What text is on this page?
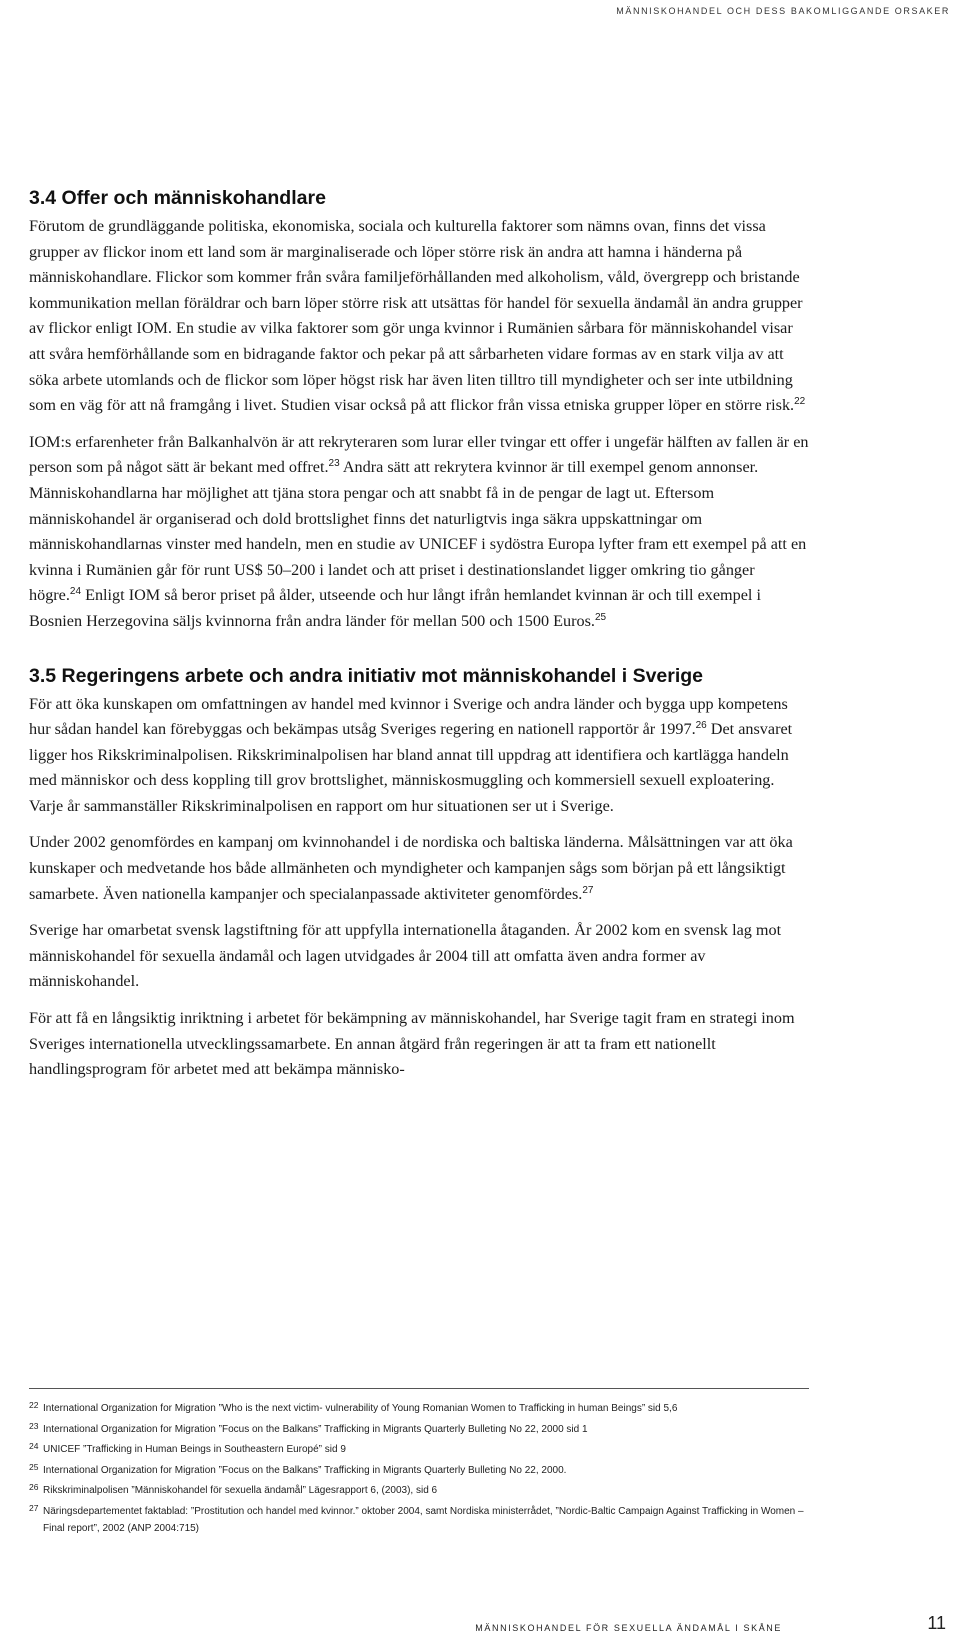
MÄNNISKOHANDEL OCH DESS BAKOMLIGGANDE ORSAKER
3.4 Offer och människohandlare

Förutom de grundläggande politiska, ekonomiska, sociala och kulturella faktorer som nämns ovan, finns det vissa grupper av flickor inom ett land som är marginaliserade och löper större risk än andra att hamna i händerna på människohandlare. Flickor som kommer från svåra familjeförhållanden med alkoholism, våld, övergrepp och bristande kommunikation mellan föräldrar och barn löper större risk att utsättas för handel för sexuella ändamål än andra grupper av flickor enligt IOM. En studie av vilka faktorer som gör unga kvinnor i Rumänien sårbara för människohandel visar att svåra hemförhållande som en bidragande faktor och pekar på att sårbarheten vidare formas av en stark vilja av att söka arbete utomlands och de flickor som löper högst risk har även liten tilltro till myndigheter och ser inte utbildning som en väg för att nå framgång i livet. Studien visar också på att flickor från vissa etniska grupper löper en större risk.$^{22}$

IOM:s erfarenheter från Balkanhalvön är att rekryteraren som lurar eller tvingar ett offer i ungefär hälften av fallen är en person som på något sätt är bekant med offret.$^{23}$ Andra sätt att rekrytera kvinnor är till exempel genom annonser. Människohandlarna har möjlighet att tjäna stora pengar och att snabbt få in de pengar de lagt ut. Eftersom människohandel är organiserad och dold brottslighet finns det naturligtvis inga säkra uppskattningar om människohandlarnas vinster med handeln, men en studie av UNICEF i sydöstra Europa lyfter fram ett exempel på att en kvinna i Rumänien går för runt US$ 50–200 i landet och att priset i destinationslandet ligger omkring tio gånger högre.$^{24}$ Enligt IOM så beror priset på ålder, utseende och hur långt ifrån hemlandet kvinnan är och till exempel i Bosnien Herzegovina säljs kvinnorna från andra länder för mellan 500 och 1500 Euros.$^{25}$

3.5 Regeringens arbete och andra initiativ mot människohandel i Sverige

För att öka kunskapen om omfattningen av handel med kvinnor i Sverige och andra länder och bygga upp kompetens hur sådan handel kan förebyggas och bekämpas utsåg Sveriges regering en nationell rapportör år 1997.26 Det ansvaret ligger hos Rikskriminalpolisen. Rikskriminalpolisen har bland annat till uppdrag att identifiera och kartlägga handeln med människor och dess koppling till grov brottslighet, människosmuggling och kommersiell sexuell exploatering. Varje år sammanställer Rikskriminalpolisen en rapport om hur situationen ser ut i Sverige.

Under 2002 genomfördes en kampanj om kvinnohandel i de nordiska och baltiska länderna. Målsättningen var att öka kunskaper och medvetande hos både allmänheten och myndigheter och kampanjen sågs som början på ett långsiktigt samarbete. Även nationella kampanjer och specialanpassade aktiviteter genomfördes.$^{27}$

Sverige har omarbetat svensk lagstiftning för att uppfylla internationella åtaganden. År 2002 kom en svensk lag mot människohandel för sexuella ändamål och lagen utvidgades år 2004 till att omfatta även andra former av människohandel.

För att få en långsiktig inriktning i arbetet för bekämpning av människohandel, har Sverige tagit fram en strategi inom Sveriges internationella utvecklingssamarbete. En annan åtgärd från regeringen är att ta fram ett nationellt handlingsprogram för arbetet med att bekämpa människo-

22 International Organization for Migration ”Who is the next victim- vulnerability of Young Romanian Women to Trafficking in human Beings” sid 5,6
23 International Organization for Migration ”Focus on the Balkans” Trafficking in Migrants Quarterly Bulleting No 22, 2000 sid 1
24 UNICEF ”Trafficking in Human Beings in Southeastern Europé” sid 9
25 International Organization for Migration ”Focus on the Balkans” Trafficking in Migrants Quarterly Bulleting No 22, 2000.
26 Rikskriminalpolisen ”Människohandel för sexuella ändamål” Lägesrapport 6, (2003), sid 6
27 Näringsdepartementet faktablad: ”Prostitution och handel med kvinnor.” oktober 2004, samt Nordiska ministerrådet, ”Nordic-Baltic Campaign Against Trafficking in Women – Final report”, 2002 (ANP 2004:715)
MÄNNISKOHANDEL FÖR SEXUELLA ÄNDAMÅL I SKÅNE	11
